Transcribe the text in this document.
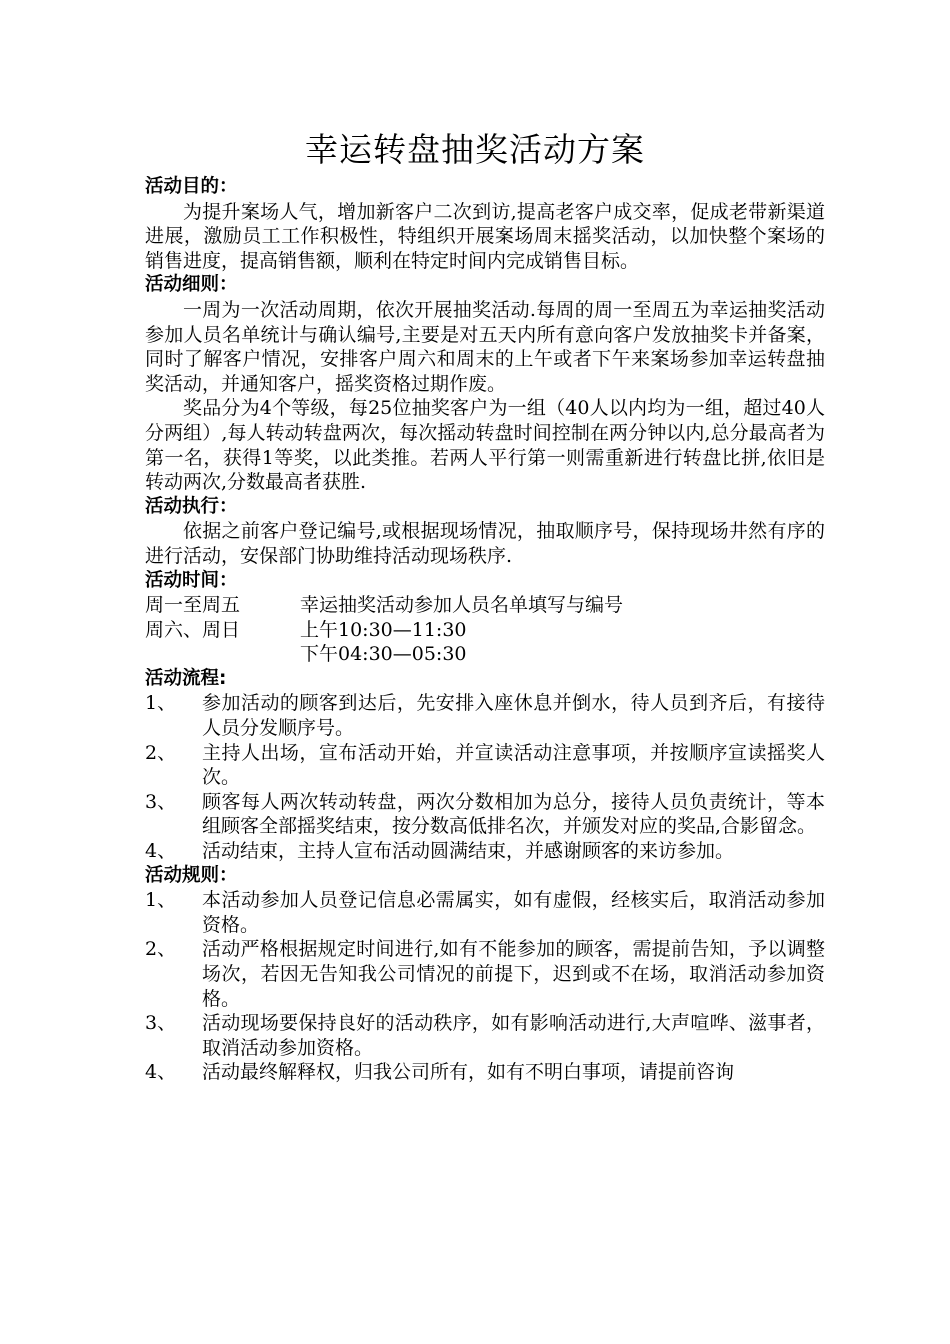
幸运转盘抽奖活动方案

活动目的：

为提升案场人气，增加新客户二次到访,提高老客户成交率，促成老带新渠道进展，激励员工工作积极性，特组织开展案场周末摇奖活动，以加快整个案场的销售进度，提高销售额，顺利在特定时间内完成销售目标。

活动细则：

一周为一次活动周期，依次开展抽奖活动.每周的周一至周五为幸运抽奖活动参加人员名单统计与确认编号,主要是对五天内所有意向客户发放抽奖卡并备案，同时了解客户情况，安排客户周六和周末的上午或者下午来案场参加幸运转盘抽奖活动，并通知客户，摇奖资格过期作废。

奖品分为4个等级，每25位抽奖客户为一组（40人以内均为一组，超过40人分两组）,每人转动转盘两次，每次摇动转盘时间控制在两分钟以内,总分最高者为第一名，获得1等奖，以此类推。若两人平行第一则需重新进行转盘比拼,依旧是转动两次,分数最高者获胜.

活动执行：

依据之前客户登记编号,或根据现场情况，抽取顺序号，保持现场井然有序的进行活动，安保部门协助维持活动现场秩序.

活动时间：

周一至周五	幸运抽奖活动参加人员名单填写与编号
周六、周日	上午10:30—11:30
下午04:30—05:30

活动流程:

1、	参加活动的顾客到达后，先安排入座休息并倒水，待人员到齐后，有接待人员分发顺序号。
2、	主持人出场，宣布活动开始，并宣读活动注意事项，并按顺序宣读摇奖人次。
3、	顾客每人两次转动转盘，两次分数相加为总分，接待人员负责统计，等本组顾客全部摇奖结束，按分数高低排名次，并颁发对应的奖品,合影留念。
4、	活动结束，主持人宣布活动圆满结束，并感谢顾客的来访参加。

活动规则：

1、	本活动参加人员登记信息必需属实，如有虚假，经核实后，取消活动参加资格。
2、	活动严格根据规定时间进行,如有不能参加的顾客，需提前告知，予以调整场次，若因无告知我公司情况的前提下，迟到或不在场，取消活动参加资格。
3、	活动现场要保持良好的活动秩序，如有影响活动进行,大声喧哗、滋事者，取消活动参加资格。
4、	活动最终解释权，归我公司所有，如有不明白事项，请提前咨询
